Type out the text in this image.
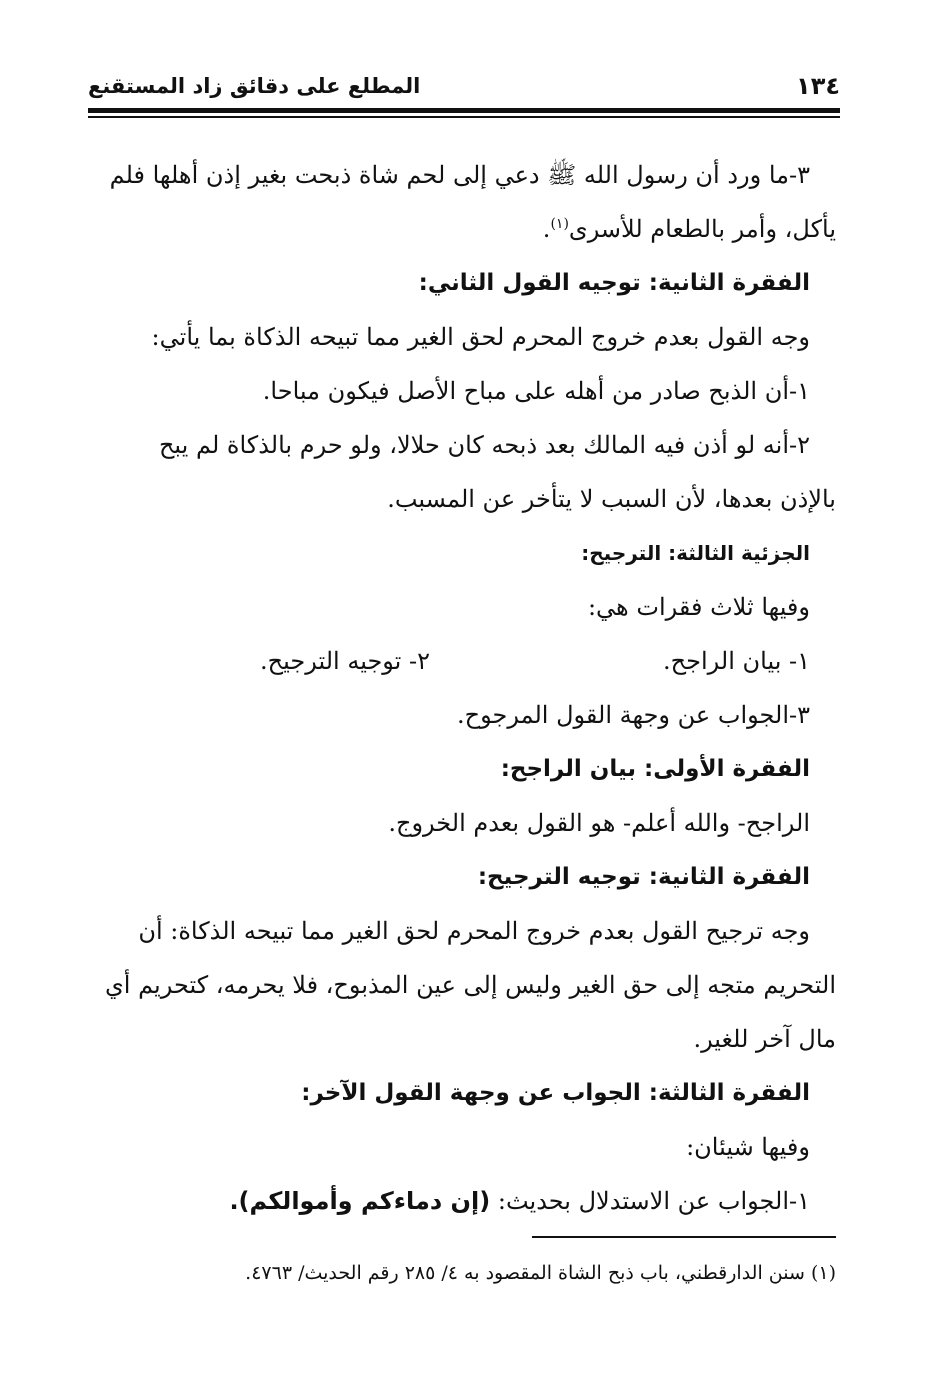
١٣٤
المطلع على دقائق زاد المستقنع
٣-ما ورد أن رسول الله ﷺ دعي إلى لحم شاة ذبحت بغير إذن أهلها فلم
يأكل، وأمر بالطعام للأسرى$^{(١)}$.
الفقرة الثانية: توجيه القول الثاني:
وجه القول بعدم خروج المحرم لحق الغير مما تبيحه الذكاة بما يأتي:
١-أن الذبح صادر من أهله على مباح الأصل فيكون مباحا.
٢-أنه لو أذن فيه المالك بعد ذبحه كان حلالا، ولو حرم بالذكاة لم يبح
بالإذن بعدها، لأن السبب لا يتأخر عن المسبب.
الجزئية الثالثة: الترجيح:
وفيها ثلاث فقرات هي:
١- بيان الراجح.
٢- توجيه الترجيح.
٣-الجواب عن وجهة القول المرجوح.
الفقرة الأولى: بيان الراجح:
الراجح- والله أعلم- هو القول بعدم الخروج.
الفقرة الثانية: توجيه الترجيح:
وجه ترجيح القول بعدم خروج المحرم لحق الغير مما تبيحه الذكاة: أن
التحريم متجه إلى حق الغير وليس إلى عين المذبوح، فلا يحرمه، كتحريم أي
مال آخر للغير.
الفقرة الثالثة: الجواب عن وجهة القول الآخر:
وفيها شيئان:
١-الجواب عن الاستدلال بحديث: (إن دماءكم وأموالكم).
(١) سنن الدارقطني، باب ذبح الشاة المقصود به ٤/ ٢٨٥ رقم الحديث/ ٤٧٦٣.
